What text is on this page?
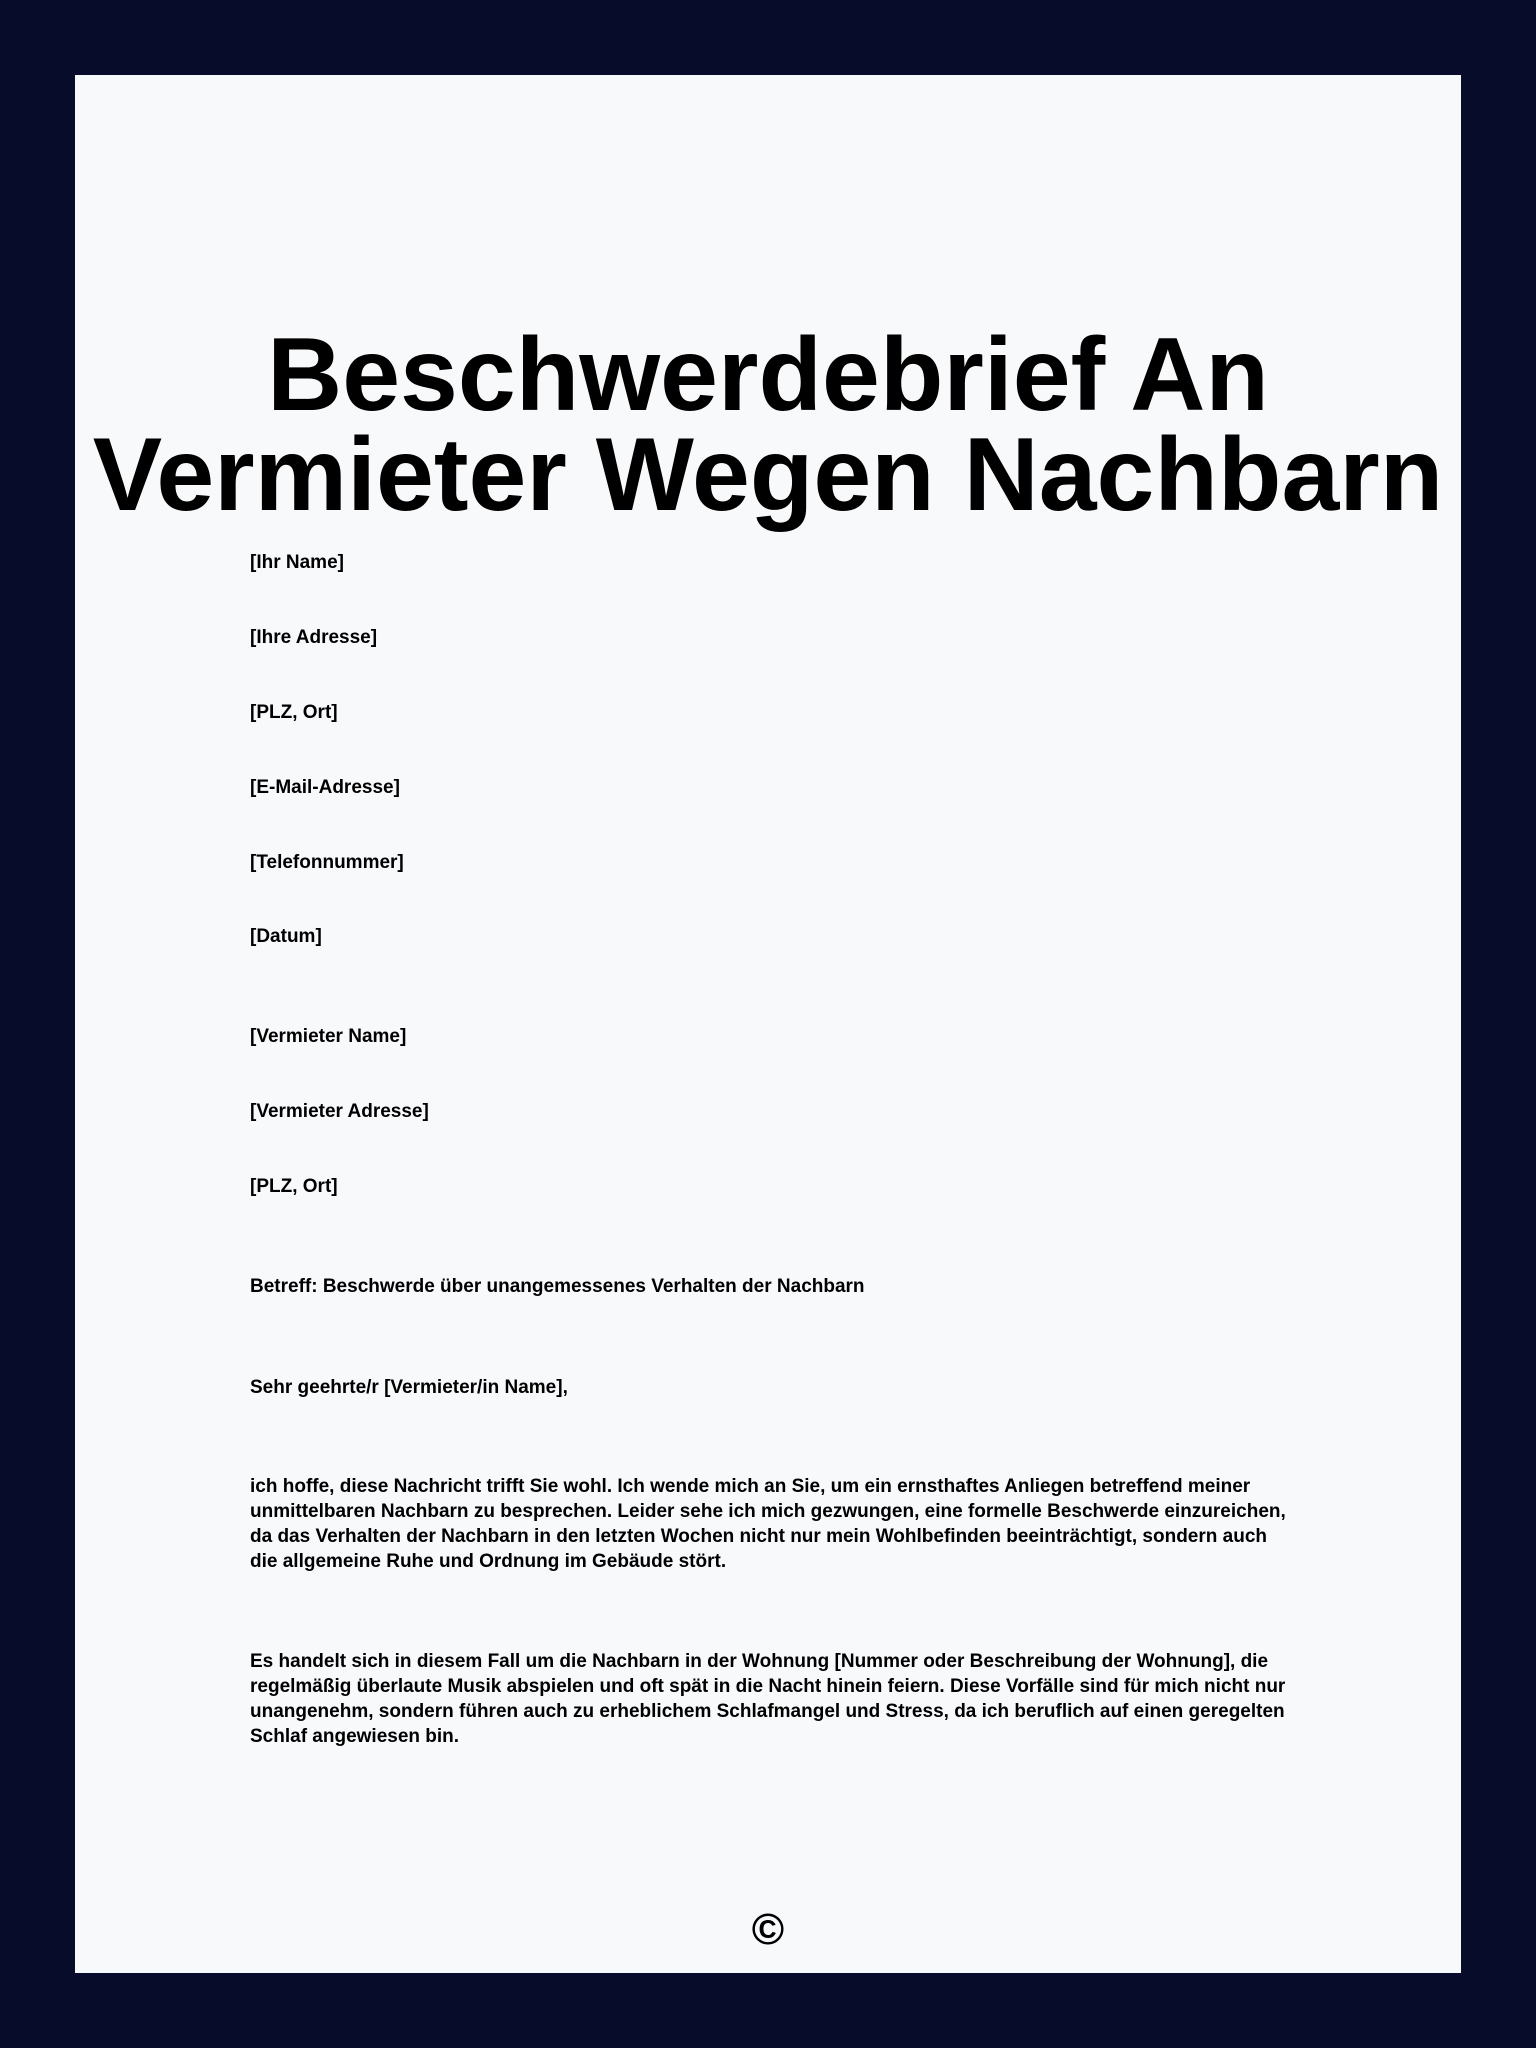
Beschwerdebrief An Vermieter Wegen Nachbarn
[Ihr Name]
[Ihre Adresse]
[PLZ, Ort]
[E-Mail-Adresse]
[Telefonnummer]
[Datum]
[Vermieter Name]
[Vermieter Adresse]
[PLZ, Ort]
Betreff: Beschwerde über unangemessenes Verhalten der Nachbarn
Sehr geehrte/r [Vermieter/in Name],

ich hoffe, diese Nachricht trifft Sie wohl. Ich wende mich an Sie, um ein ernsthaftes Anliegen betreffend meiner unmittelbaren Nachbarn zu besprechen. Leider sehe ich mich gezwungen, eine formelle Beschwerde einzureichen, da das Verhalten der Nachbarn in den letzten Wochen nicht nur mein Wohlbefinden beeinträchtigt, sondern auch die allgemeine Ruhe und Ordnung im Gebäude stört.

Es handelt sich in diesem Fall um die Nachbarn in der Wohnung [Nummer oder Beschreibung der Wohnung], die regelmäßig überlaute Musik abspielen und oft spät in die Nacht hinein feiern. Diese Vorfälle sind für mich nicht nur unangenehm, sondern führen auch zu erheblichem Schlafmangel und Stress, da ich beruflich auf einen geregelten Schlaf angewiesen bin.

©
